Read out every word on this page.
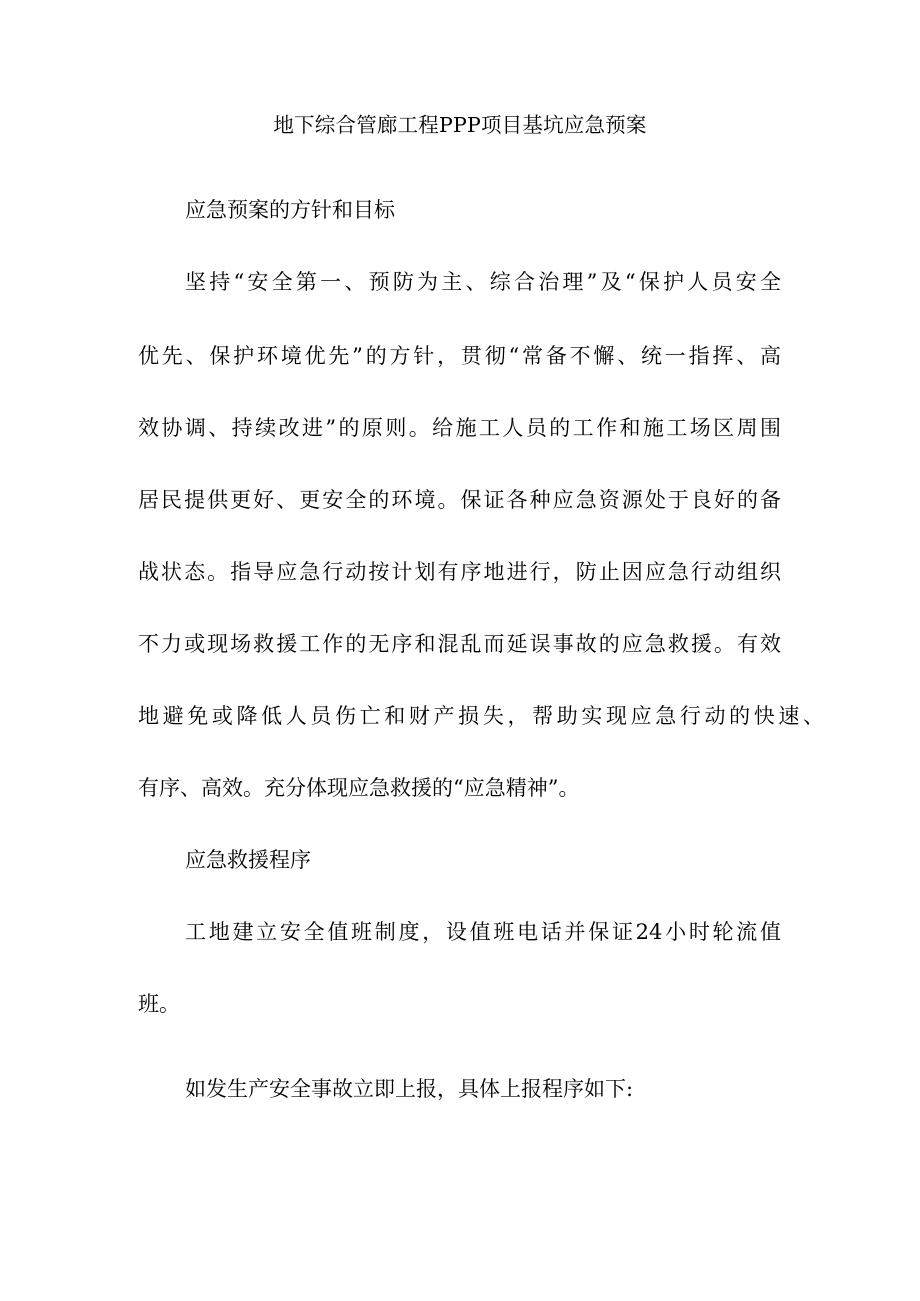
地下综合管廊工程PPP项目基坑应急预案
应急预案的方针和目标
坚持“安全第一、预防为主、综合治理”及“保护人员安全
优先、保护环境优先”的方针，贯彻“常备不懈、统一指挥、高
效协调、持续改进”的原则。给施工人员的工作和施工场区周围
居民提供更好、更安全的环境。保证各种应急资源处于良好的备
战状态。指导应急行动按计划有序地进行，防止因应急行动组织
不力或现场救援工作的无序和混乱而延误事故的应急救援。有效
地避免或降低人员伤亡和财产损失，帮助实现应急行动的快速、
有序、高效。充分体现应急救援的“应急精神”。
应急救援程序
工地建立安全值班制度，设值班电话并保证24小时轮流值
班。
如发生产安全事故立即上报，具体上报程序如下:
